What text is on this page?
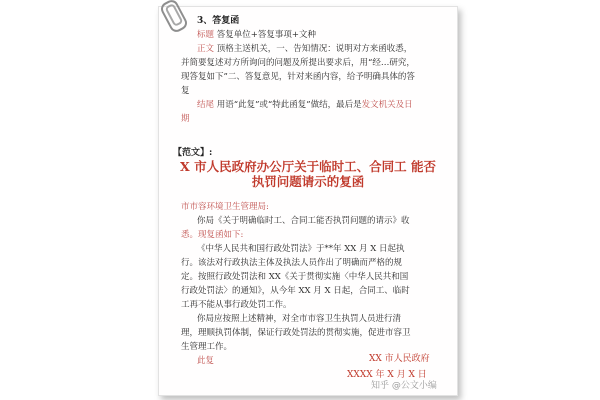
3、答复函
标题 答复单位+答复事项+文种
正文 顶格主送机关，一、告知情况：说明对方来函收悉，
并简要复述对方所询问的问题及所提出要求后，用“经…研究，
现答复如下”二、答复意见，针对来函内容，给予明确具体的答
复
结尾 用语“此复”或“特此函复”做结，最后是发文机关及日
期
【范文】:
X 市人民政府办公厅关于临时工、合同工 能否
执罚问题请示的复函
市市容环境卫生管理局:
你局《关于明确临时工、合同工能否执罚问题的请示》收
悉。现复函如下:
《中华人民共和国行政处罚法》于**年 XX 月 X 日起执
行。该法对行政执法主体及执法人员作出了明确而严格的规
定。按照行政处罚法和 XX《关于贯彻实施〈中华人民共和国
行政处罚法〉的通知》，从今年 XX 月 X 日起，合同工、临时
工再不能从事行政处罚工作。
你局应按照上述精神，对全市市容卫生执罚人员进行清
理，理顺执罚体制，保证行政处罚法的贯彻实施，促进市容卫
生管理工作。
此复	XX 市人民政府
XXXX 年 X 月 X 日
知乎 @公文小编
